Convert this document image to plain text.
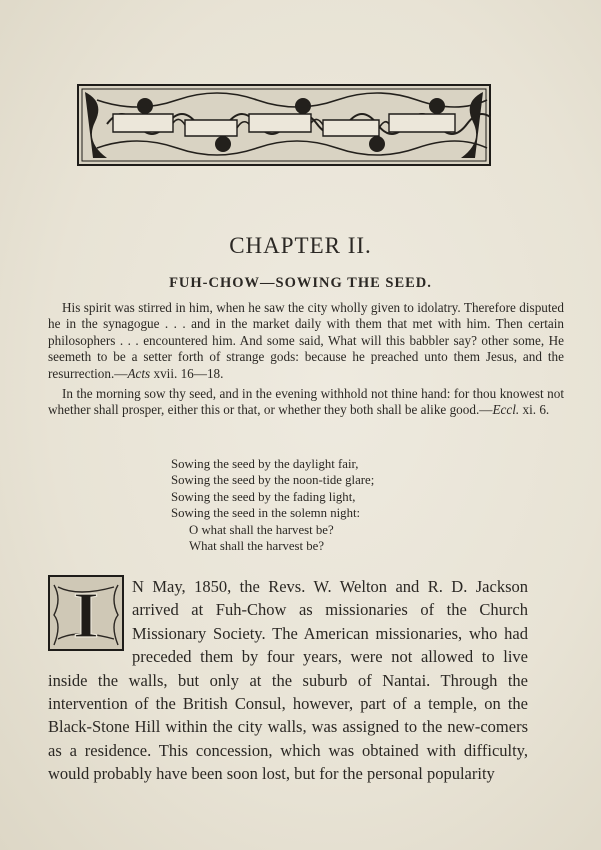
CHAPTER II.
FUH-CHOW—SOWING THE SEED.

His spirit was stirred in him, when he saw the city wholly given to idolatry. Therefore disputed he in the synagogue . . . and in the market daily with them that met with him. Then certain philosophers . . . encountered him. And some said, What will this babbler say? other some, He seemeth to be a setter forth of strange gods: because he preached unto them Jesus, and the resurrection.—Acts xvii. 16—18.

In the morning sow thy seed, and in the evening withhold not thine hand: for thou knowest not whether shall prosper, either this or that, or whether they both shall be alike good.—Eccl. xi. 6.

Sowing the seed by the daylight fair,
Sowing the seed by the noon-tide glare;
Sowing the seed by the fading light,
Sowing the seed in the solemn night:
O what shall the harvest be?
What shall the harvest be?
I	N May, 1850, the Revs. W. Welton and R. D. Jackson arrived at Fuh-Chow as missionaries of the Church Missionary Society. The American missionaries, who had preceded them by four years, were not allowed to live inside the walls, but only at the suburb of Nantai. Through the intervention of the British Consul, however, part of a temple, on the Black-Stone Hill within the city walls, was assigned to the new-comers as a residence. This concession, which was obtained with difficulty, would probably have been soon lost, but for the personal popularity
